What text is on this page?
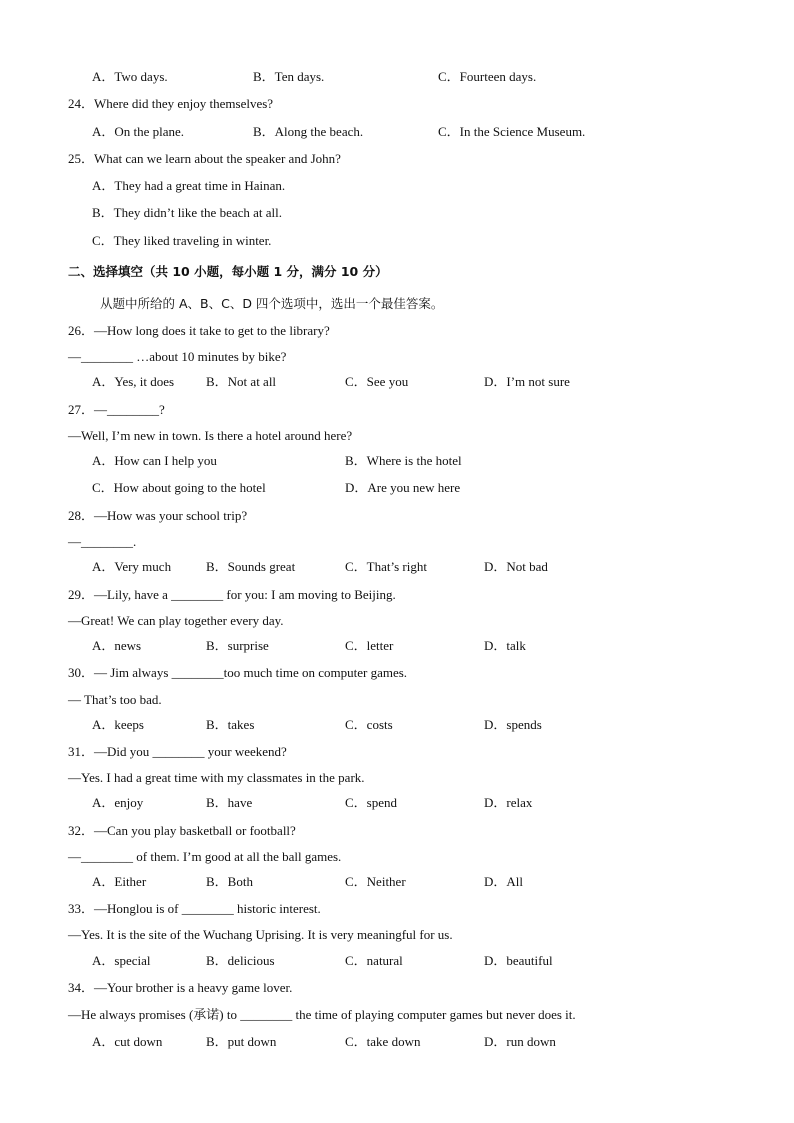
A．Two days.	B．Ten days.	C．Fourteen days.
24．Where did they enjoy themselves?
A．On the plane.	B．Along the beach.	C．In the Science Museum.
25．What can we learn about the speaker and John?
A．They had a great time in Hainan.
B．They didn’t like the beach at all.
C．They liked traveling in winter.
二、选择填空（共 10 小题，每小题 1 分，满分 10 分）
从题中所给的 A、B、C、D 四个选项中，选出一个最佳答案。
26．—How long does it take to get to the library?
—________ …about 10 minutes by bike?
A．Yes, it does B．Not at all	C．See you	D．I’m not sure
27．—________?
—Well, I’m new in town. Is there a hotel around here?
A．How can I help you	B．Where is the hotel
C．How about going to the hotel	D．Are you new here
28．—How was your school trip?
—________.
A．Very much	B．Sounds great	C．That’s right	D．Not bad
29．—Lily, have a ________ for you: I am moving to Beijing.
—Great! We can play together every day.
A．news	B．surprise	C．letter	D．talk
30．— Jim always ________too much time on computer games.
— That’s too bad.
A．keeps	B．takes	C．costs	D．spends
31．—Did you ________ your weekend?
—Yes. I had a great time with my classmates in the park.
A．enjoy	B．have	C．spend	D．relax
32．—Can you play basketball or football?
—________ of them. I’m good at all the ball games.
A．Either	B．Both	C．Neither	D．All
33．—Honglou is of ________ historic interest.
—Yes. It is the site of the Wuchang Uprising. It is very meaningful for us.
A．special	B．delicious	C．natural	D．beautiful
34．—Your brother is a heavy game lover.
—He always promises (承诺) to ________ the time of playing computer games but never does it.
A．cut down	B．put down	C．take down	D．run down
